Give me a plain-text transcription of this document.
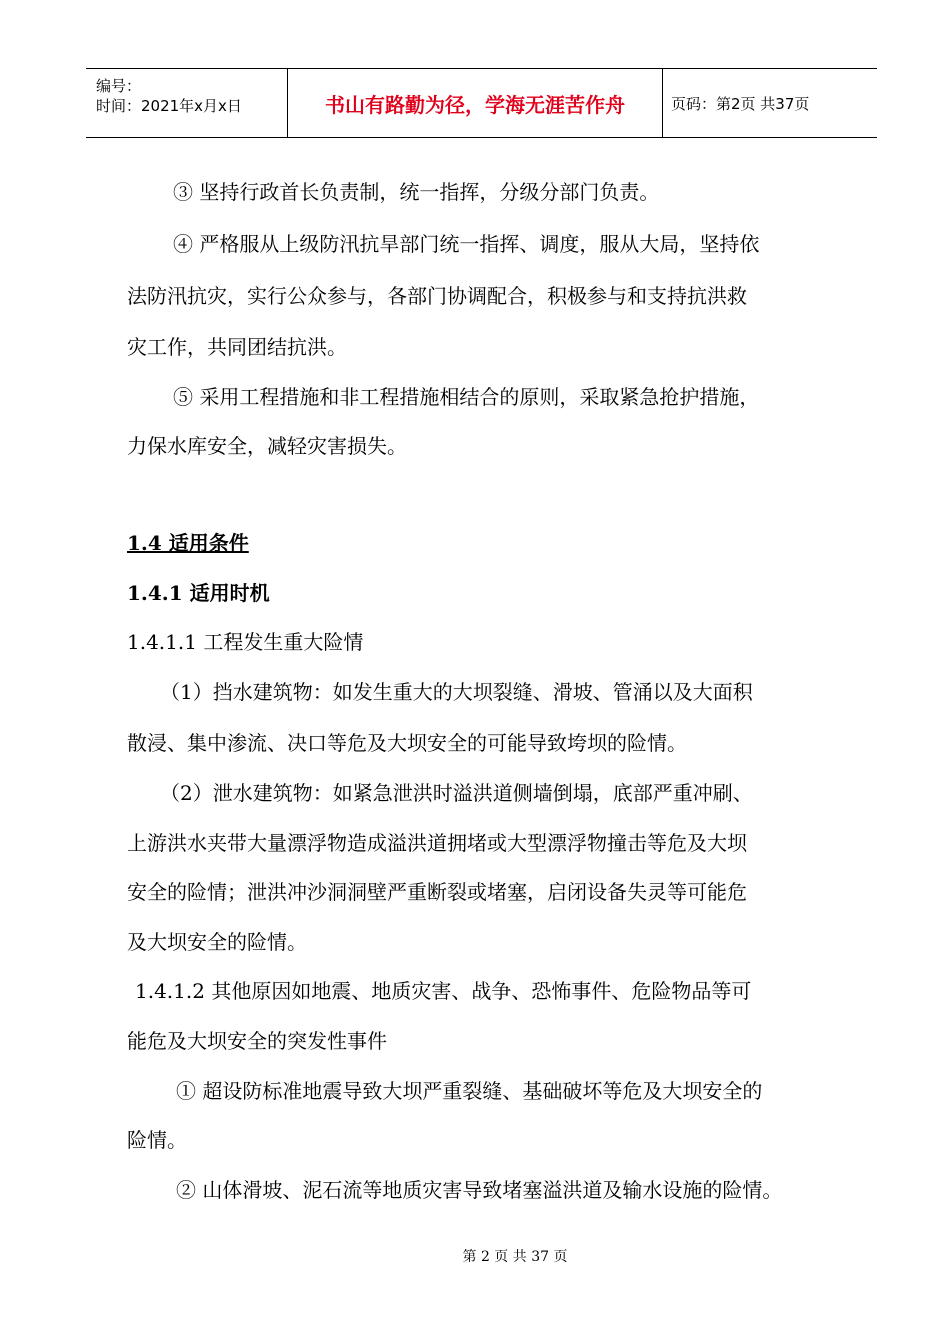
编号：
时间：2021年x月x日	书山有路勤为径，学海无涯苦作舟	页码：第2页 共37页
③ 坚持行政首长负责制，统一指挥，分级分部门负责。
④ 严格服从上级防汛抗旱部门统一指挥、调度，服从大局，坚持依
法防汛抗灾，实行公众参与，各部门协调配合，积极参与和支持抗洪救
灾工作，共同团结抗洪。
⑤ 采用工程措施和非工程措施相结合的原则，采取紧急抢护措施，
力保水库安全，减轻灾害损失。
1.4 适用条件
1.4.1 适用时机
1.4.1.1 工程发生重大险情
（1）挡水建筑物：如发生重大的大坝裂缝、滑坡、管涌以及大面积
散浸、集中渗流、决口等危及大坝安全的可能导致垮坝的险情。
（2）泄水建筑物：如紧急泄洪时溢洪道侧墙倒塌，底部严重冲刷、
上游洪水夹带大量漂浮物造成溢洪道拥堵或大型漂浮物撞击等危及大坝
安全的险情；泄洪冲沙洞洞壁严重断裂或堵塞，启闭设备失灵等可能危
及大坝安全的险情。
1.4.1.2 其他原因如地震、地质灾害、战争、恐怖事件、危险物品等可
能危及大坝安全的突发性事件
① 超设防标准地震导致大坝严重裂缝、基础破坏等危及大坝安全的
险情。
② 山体滑坡、泥石流等地质灾害导致堵塞溢洪道及输水设施的险情。
第 2 页 共 37 页
